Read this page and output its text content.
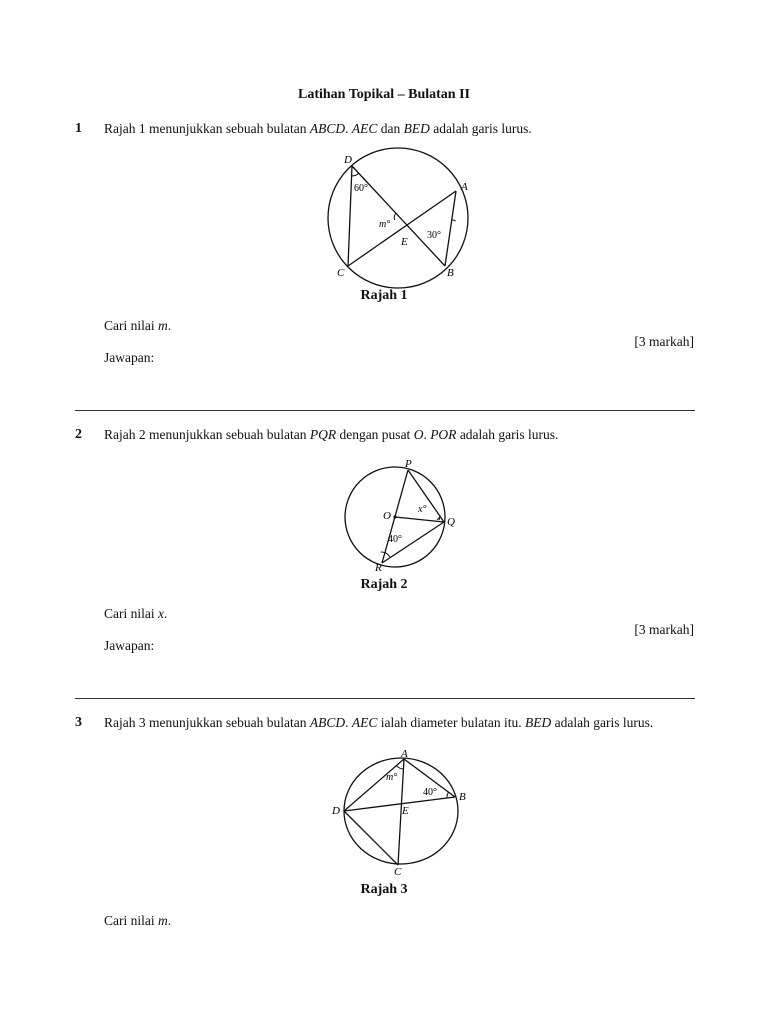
Latihan Topikal – Bulatan II
1 Rajah 1 menunjukkan sebuah bulatan ABCD. AEC dan BED adalah garis lurus.
D
A
C	B
E
60°
m°
30°
Rajah 1
Cari nilai m.
[3 markah]
Jawapan:
2 Rajah 2 menunjukkan sebuah bulatan PQR dengan pusat O. POR adalah garis lurus.
P
O	Q
R
x°
40°
Rajah 2
Cari nilai x.
[3 markah]
Jawapan:
3 Rajah 3 menunjukkan sebuah bulatan ABCD. AEC ialah diameter bulatan itu. BED adalah garis lurus.
A
B
D
C
E
m°
40°
Rajah 3
Cari nilai m.
